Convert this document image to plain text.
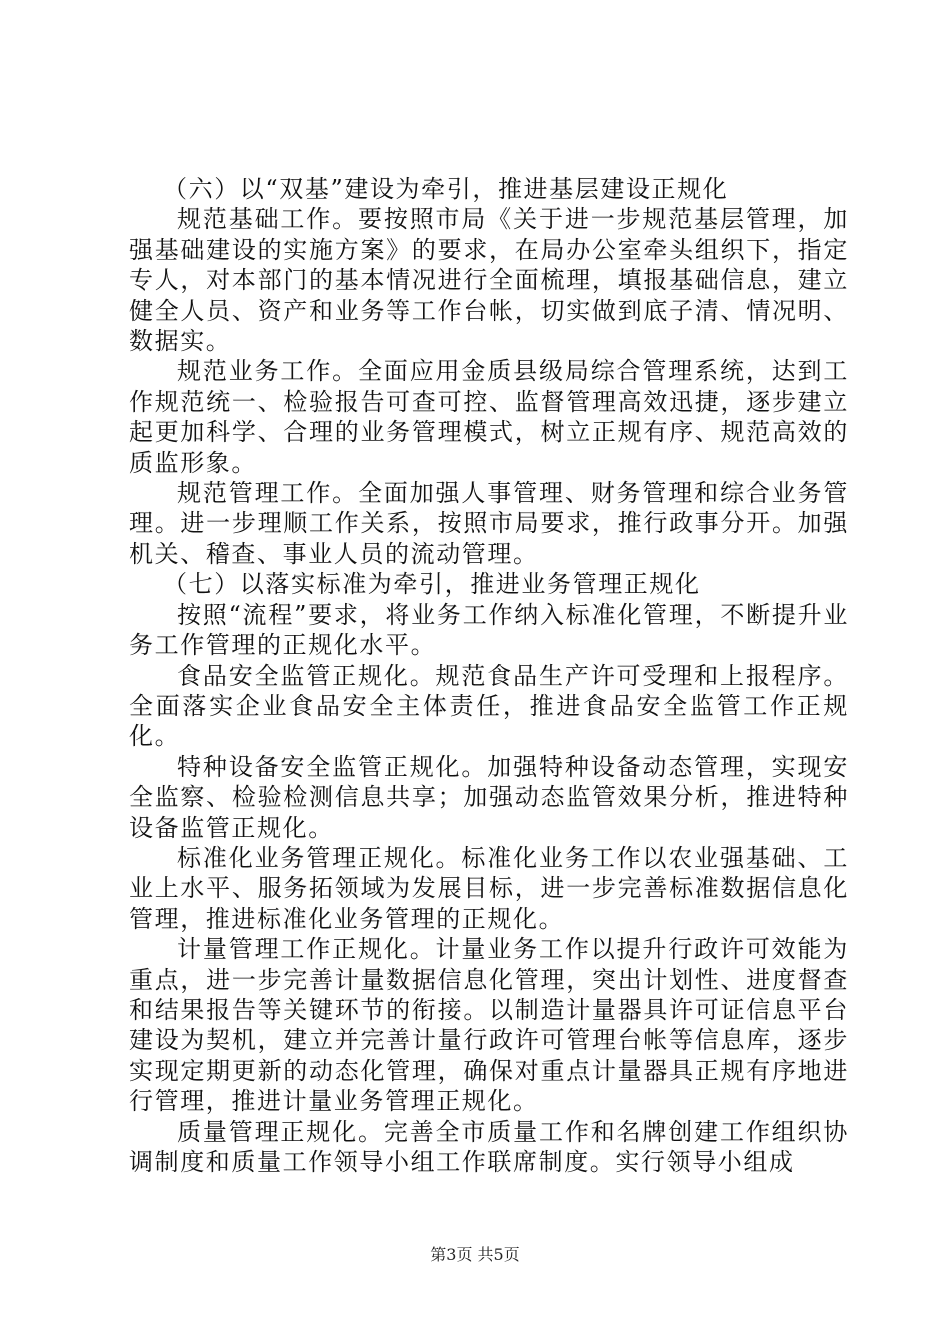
（六）以“双基”建设为牵引，推进基层建设正规化

规范基础工作。要按照市局《关于进一步规范基层管理，加强基础建设的实施方案》的要求，在局办公室牵头组织下，指定专人，对本部门的基本情况进行全面梳理，填报基础信息，建立健全人员、资产和业务等工作台帐，切实做到底子清、情况明、数据实。

规范业务工作。全面应用金质县级局综合管理系统，达到工作规范统一、检验报告可查可控、监督管理高效迅捷，逐步建立起更加科学、合理的业务管理模式，树立正规有序、规范高效的质监形象。

规范管理工作。全面加强人事管理、财务管理和综合业务管理。进一步理顺工作关系，按照市局要求，推行政事分开。加强机关、稽查、事业人员的流动管理。

（七）以落实标准为牵引，推进业务管理正规化

按照“流程”要求，将业务工作纳入标准化管理，不断提升业务工作管理的正规化水平。

食品安全监管正规化。规范食品生产许可受理和上报程序。全面落实企业食品安全主体责任，推进食品安全监管工作正规化。

特种设备安全监管正规化。加强特种设备动态管理，实现安全监察、检验检测信息共享；加强动态监管效果分析，推进特种设备监管正规化。

标准化业务管理正规化。标准化业务工作以农业强基础、工业上水平、服务拓领域为发展目标，进一步完善标准数据信息化管理，推进标准化业务管理的正规化。

计量管理工作正规化。计量业务工作以提升行政许可效能为重点，进一步完善计量数据信息化管理，突出计划性、进度督查和结果报告等关键环节的衔接。以制造计量器具许可证信息平台建设为契机，建立并完善计量行政许可管理台帐等信息库，逐步实现定期更新的动态化管理，确保对重点计量器具正规有序地进行管理，推进计量业务管理正规化。

质量管理正规化。完善全市质量工作和名牌创建工作组织协调制度和质量工作领导小组工作联席制度。实行领导小组成

第3页 共5页
